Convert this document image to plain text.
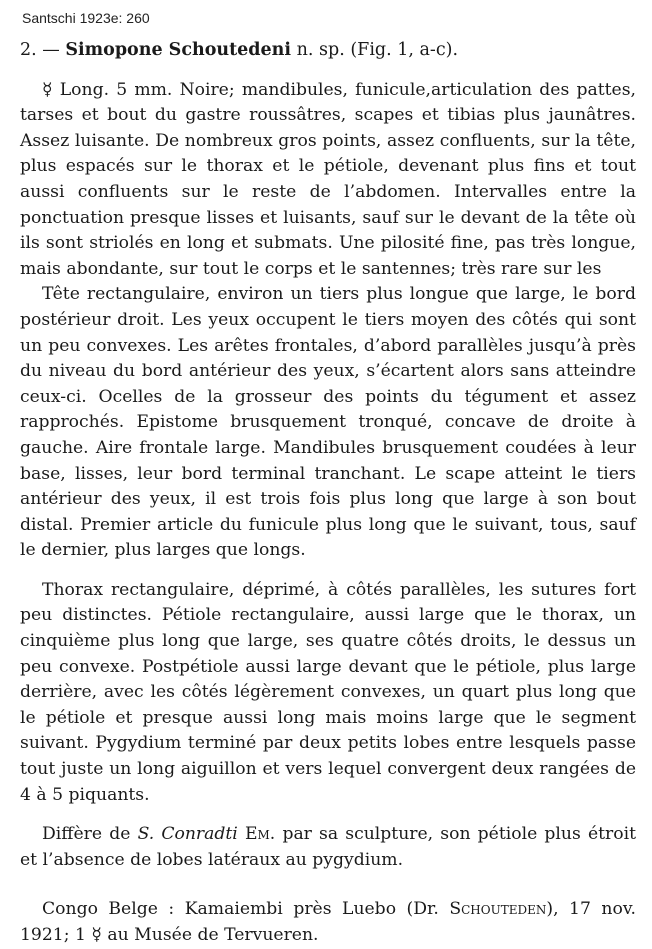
Santschi 1923e: 260

2. — Simopone Schoutedeni n. sp. (Fig. 1, a-c).

☿ Long. 5 mm. Noire; mandibules, funicule,articulation des pattes, tarses et bout du gastre roussâtres, scapes et tibias plus jaunâtres. Assez luisante. De nombreux gros points, assez confluents, sur la tête, plus espacés sur le thorax et le pétiole, devenant plus fins et tout aussi confluents sur le reste de l’abdomen. Intervalles entre la ponctuation presque lisses et luisants, sauf sur le devant de la tête où ils sont striolés en long et submats. Une pilosité fine, pas très longue, mais abondante, sur tout le corps et le santennes; très rare sur les

Tête rectangulaire, environ un tiers plus longue que large, le bord postérieur droit. Les yeux occupent le tiers moyen des côtés qui sont un peu convexes. Les arêtes frontales, d’abord parallèles jusqu’à près du niveau du bord antérieur des yeux, s’écartent alors sans atteindre ceux-ci. Ocelles de la grosseur des points du tégument et assez rapprochés. Epistome brusquement tronqué, concave de droite à gauche. Aire frontale large. Mandibules brusquement coudées à leur base, lisses, leur bord terminal tranchant. Le scape atteint le tiers antérieur des yeux, il est trois fois plus long que large à son bout distal. Premier article du funicule plus long que le suivant, tous, sauf le dernier, plus larges que longs.

Thorax rectangulaire, déprimé, à côtés parallèles, les sutures fort peu distinctes. Pétiole rectangulaire, aussi large que le thorax, un cinquième plus long que large, ses quatre côtés droits, le dessus un peu convexe. Postpétiole aussi large devant que le pétiole, plus large derrière, avec les côtés légèrement convexes, un quart plus long que le pétiole et presque aussi long mais moins large que le segment suivant. Pygydium terminé par deux petits lobes entre lesquels passe tout juste un long aiguillon et vers lequel convergent deux rangées de 4 à 5 piquants.

Diffère de S. Conradti Em. par sa sculpture, son pétiole plus étroit et l’absence de lobes latéraux au pygydium.

Congo Belge : Kamaiembi près Luebo (Dr. Schouteden), 17 nov. 1921; 1 ☿ au Musée de Tervueren.
